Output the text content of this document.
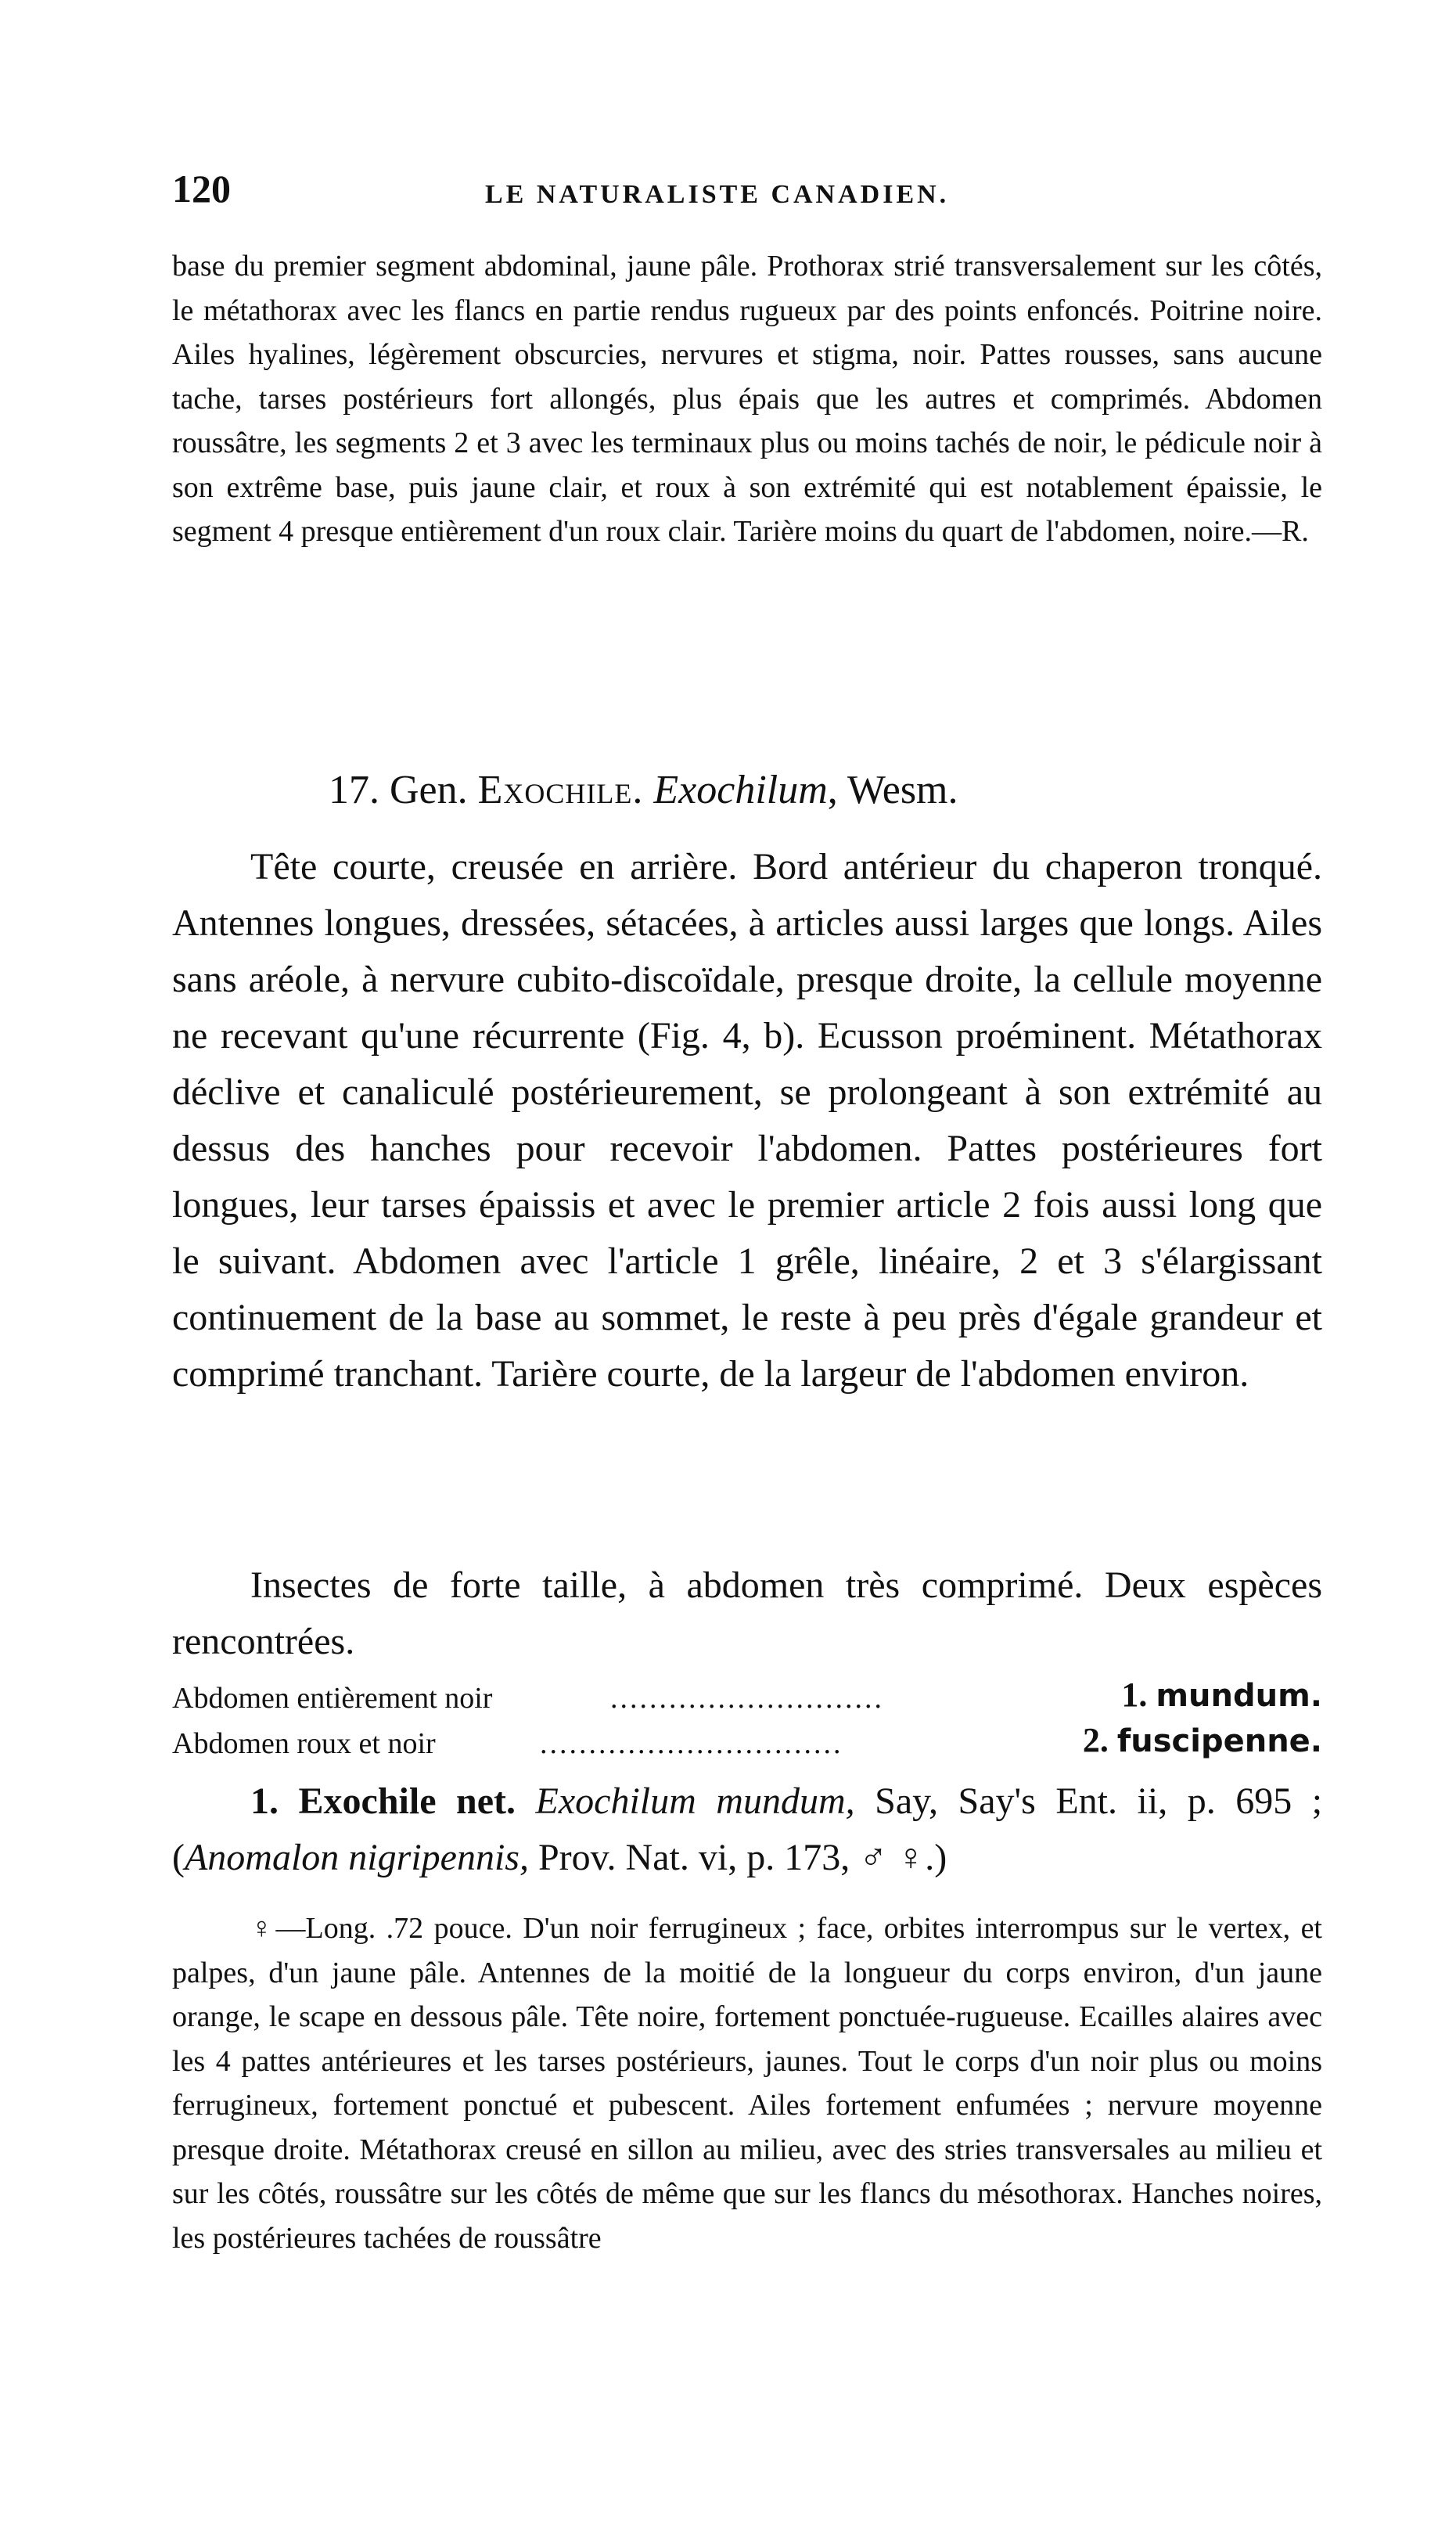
120	LE NATURALISTE CANADIEN.

base du premier segment abdominal, jaune pâle. Prothorax strié transversalement sur les côtés, le métathorax avec les flancs en partie rendus rugueux par des points enfoncés. Poitrine noire. Ailes hyalines, légèrement obscurcies, nervures et stigma, noir. Pattes rousses, sans aucune tache, tarses postérieurs fort allongés, plus épais que les autres et comprimés. Abdomen roussâtre, les segments 2 et 3 avec les terminaux plus ou moins tachés de noir, le pédicule noir à son extrême base, puis jaune clair, et roux à son extrémité qui est notablement épaissie, le segment 4 presque entièrement d'un roux clair. Tarière moins du quart de l'abdomen, noire.—R.

17. Gen. Exochile. Exochilum, Wesm.

Tête courte, creusée en arrière. Bord antérieur du chaperon tronqué. Antennes longues, dressées, sétacées, à articles aussi larges que longs. Ailes sans aréole, à nervure cubito-discoïdale, presque droite, la cellule moyenne ne recevant qu'une récurrente (Fig. 4, b). Ecusson proéminent. Métathorax déclive et canaliculé postérieurement, se prolongeant à son extrémité au dessus des hanches pour recevoir l'abdomen. Pattes postérieures fort longues, leur tarses épaissis et avec le premier article 2 fois aussi long que le suivant. Abdomen avec l'article 1 grêle, linéaire, 2 et 3 s'élargissant continuement de la base au sommet, le reste à peu près d'égale grandeur et comprimé tranchant. Tarière courte, de la largeur de l'abdomen environ.

Insectes de forte taille, à abdomen très comprimé. Deux espèces rencontrées.

Abdomen entièrement noir	............................	1. mundum.
Abdomen roux et noir	...............................	2. fuscipenne.

1. Exochile net. Exochilum mundum, Say, Say's Ent. ii, p. 695 ; (Anomalon nigripennis, Prov. Nat. vi, p. 173, ♂ ♀.)

♀—Long. .72 pouce. D'un noir ferrugineux ; face, orbites interrompus sur le vertex, et palpes, d'un jaune pâle. Antennes de la moitié de la longueur du corps environ, d'un jaune orange, le scape en dessous pâle. Tête noire, fortement ponctuée-rugueuse. Ecailles alaires avec les 4 pattes antérieures et les tarses postérieurs, jaunes. Tout le corps d'un noir plus ou moins ferrugineux, fortement ponctué et pubescent. Ailes fortement enfumées ; nervure moyenne presque droite. Métathorax creusé en sillon au milieu, avec des stries transversales au milieu et sur les côtés, roussâtre sur les côtés de même que sur les flancs du mésothorax. Hanches noires, les postérieures tachées de roussâtre
